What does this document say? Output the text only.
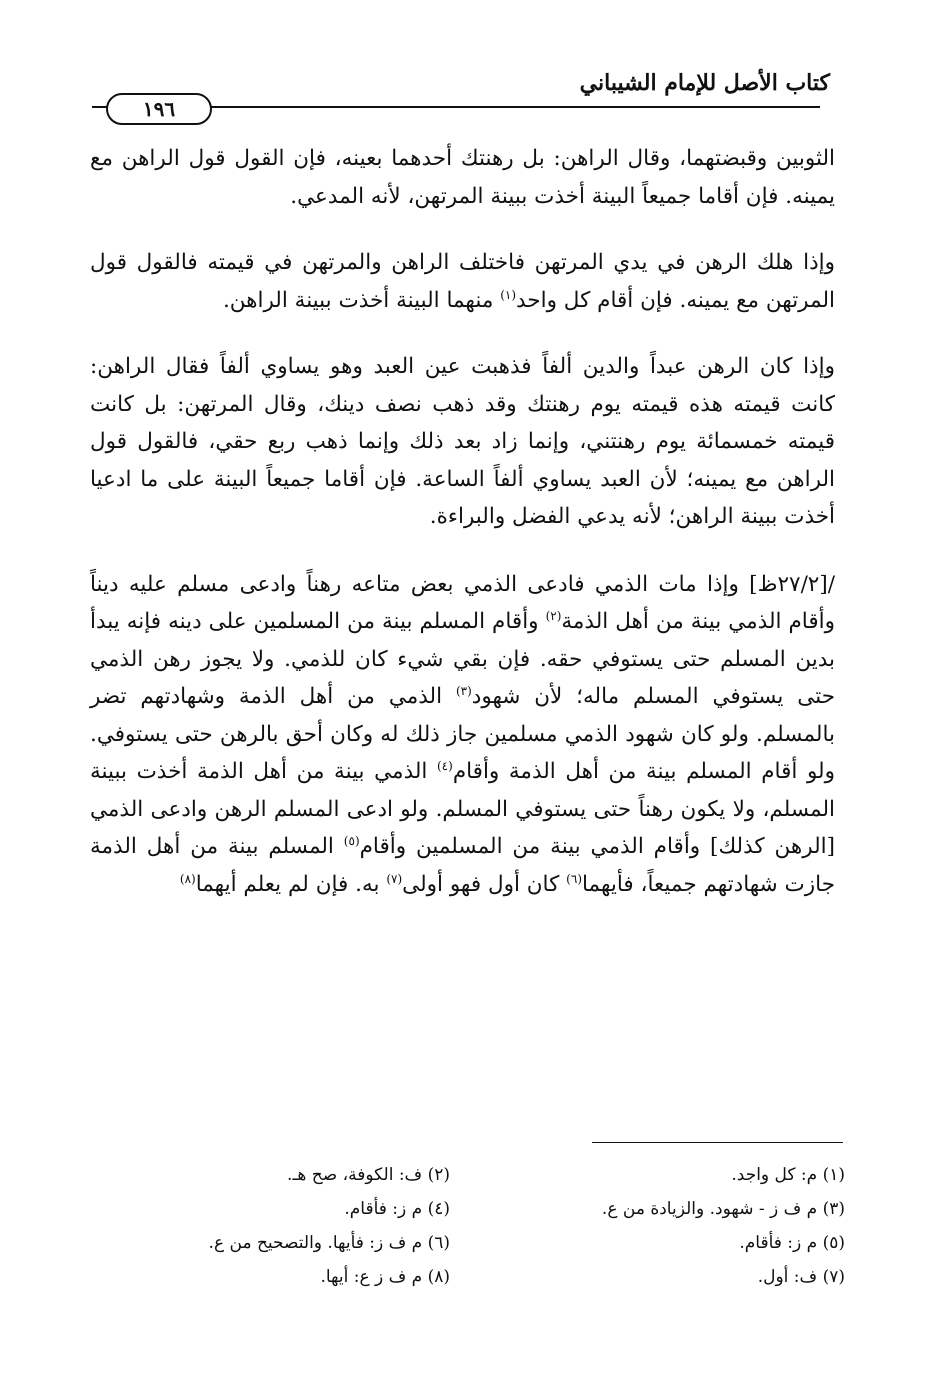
كتاب الأصل للإمام الشيباني
١٩٦

الثوبين وقبضتهما، وقال الراهن: بل رهنتك أحدهما بعينه، فإن القول قول الراهن مع يمينه. فإن أقاما جميعاً البينة أخذت ببينة المرتهن، لأنه المدعي.

وإذا هلك الرهن في يدي المرتهن فاختلف الراهن والمرتهن في قيمته فالقول قول المرتهن مع يمينه. فإن أقام كل واحد$^{(١)}$ منهما البينة أخذت ببينة الراهن.

وإذا كان الرهن عبداً والدين ألفاً فذهبت عين العبد وهو يساوي ألفاً فقال الراهن: كانت قيمته هذه قيمته يوم رهنتك وقد ذهب نصف دينك، وقال المرتهن: بل كانت قيمته خمسمائة يوم رهنتني، وإنما زاد بعد ذلك وإنما ذهب ربع حقي، فالقول قول الراهن مع يمينه؛ لأن العبد يساوي ألفاً الساعة. فإن أقاما جميعاً البينة على ما ادعيا أخذت ببينة الراهن؛ لأنه يدعي الفضل والبراءة.

/[٢٧/٢ظ] وإذا مات الذمي فادعى الذمي بعض متاعه رهناً وادعى مسلم عليه ديناً وأقام الذمي بينة من أهل الذمة$^{(٢)}$ وأقام المسلم بينة من المسلمين على دينه فإنه يبدأ بدين المسلم حتى يستوفي حقه. فإن بقي شيء كان للذمي. ولا يجوز رهن الذمي حتى يستوفي المسلم ماله؛ لأن شهود$^{(٣)}$ الذمي من أهل الذمة وشهادتهم تضر بالمسلم. ولو كان شهود الذمي مسلمين جاز ذلك له وكان أحق بالرهن حتى يستوفي. ولو أقام المسلم بينة من أهل الذمة وأقام$^{(٤)}$ الذمي بينة من أهل الذمة أخذت ببينة المسلم، ولا يكون رهناً حتى يستوفي المسلم. ولو ادعى المسلم الرهن وادعى الذمي [الرهن كذلك] وأقام الذمي بينة من المسلمين وأقام$^{(٥)}$ المسلم بينة من أهل الذمة جازت شهادتهم جميعاً، فأيهما$^{(٦)}$ كان أول فهو أولى$^{(٧)}$ به. فإن لم يعلم أيهما$^{(٨)}$

(١) م: كل واجد.
(٣) م ف ز - شهود. والزيادة من ع.
(٥) م ز: فأقام.
(٧) ف: أول.
(٢) ف: الكوفة، صح هـ.
(٤) م ز: فأقام.
(٦) م ف ز: فأيها. والتصحيح من ع.
(٨) م ف ز ع: أيها.
